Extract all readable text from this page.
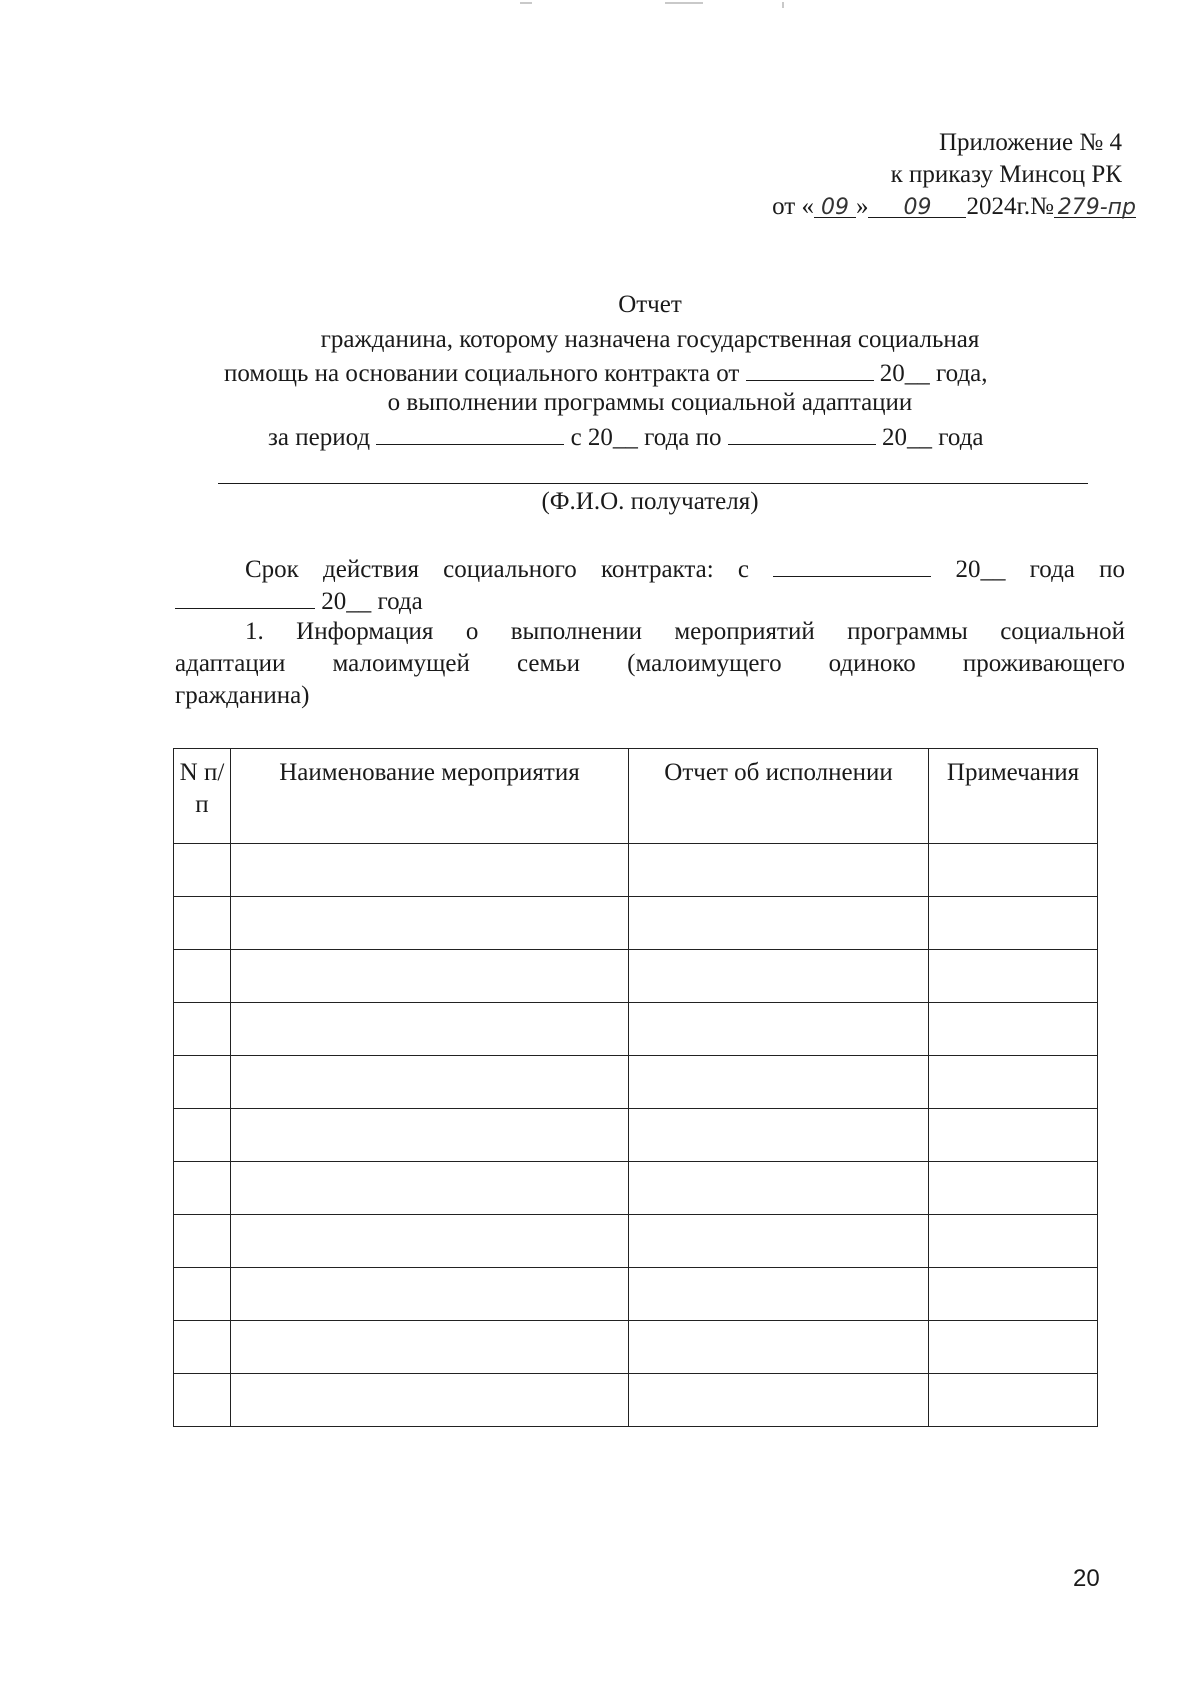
Приложение № 4
к приказу Минсоц РК
от « 09 » 09 2024г.№ 279-пр
Отчет
гражданина, которому назначена государственная социальная
помощь на основании социального контракта от	20__ года,
о выполнении программы социальной адаптации
за период	с 20__ года по	20__ года
(Ф.И.О. получателя)
Срок действия социального контракта: с	20__ года по
20__ года
1. Информация о выполнении мероприятий программы социальной
адаптации малоимущей семьи (малоимущего одиноко проживающего
гражданина)
N п/п	Наименование мероприятия	Отчет об исполнении	Примечания

20
